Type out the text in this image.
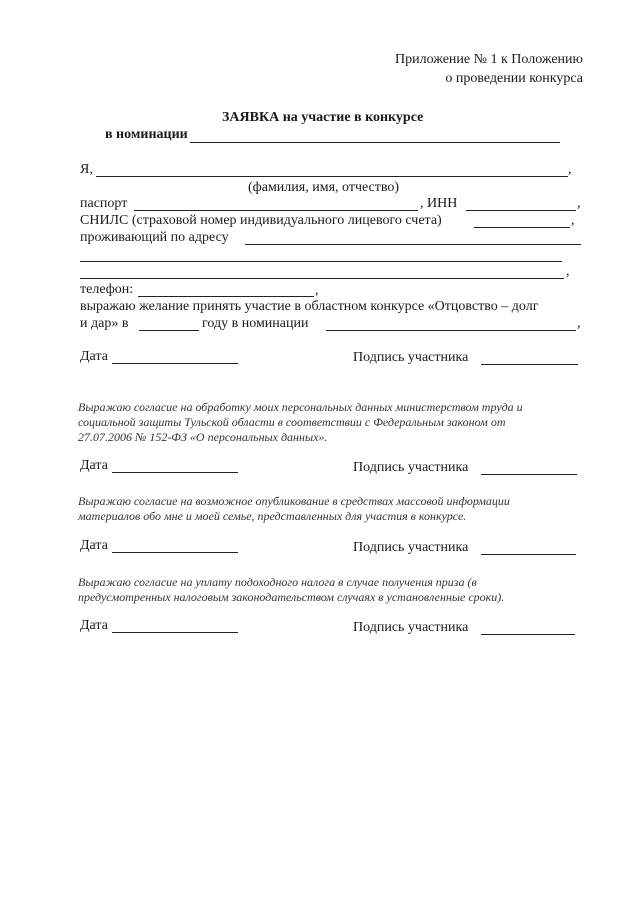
Приложение № 1 к Положению
о проведении конкурса
ЗАЯВКА на участие в конкурсе
в номинации
Я,	,
(фамилия, имя, отчество)
паспорт	, ИНН	,
СНИЛС (страховой номер индивидуального лицевого счета)	,
проживающий по адресу
,
телефон:	,
выражаю желание принять участие в областном конкурсе «Отцовство – долг
и дар» в	году в номинации	,
Дата	Подпись участника
Выражаю согласие на обработку моих персональных данных министерством труда и
социальной защиты Тульской области в соответствии с Федеральным законом от
27.07.2006 № 152-ФЗ «О персональных данных».
Дата	Подпись участника
Выражаю согласие на возможное опубликование в средствах массовой информации
материалов обо мне и моей семье, представленных для участия в конкурсе.
Дата	Подпись участника
Выражаю согласие на уплату подоходного налога в случае получения приза (в
предусмотренных налоговым законодательством случаях в установленные сроки).
Дата	Подпись участника
